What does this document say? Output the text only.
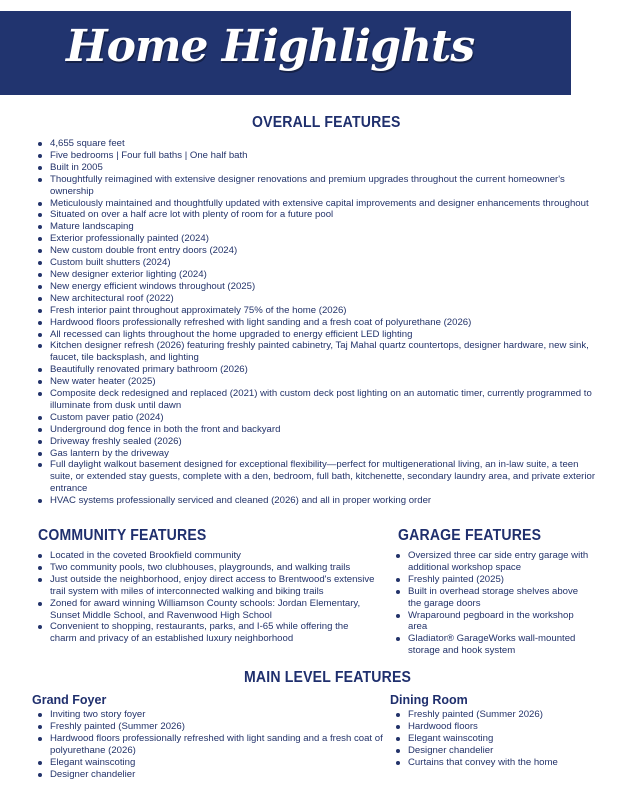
Home Highlights
OVERALL FEATURES
4,655 square feet
Five bedrooms | Four full baths | One half bath
Built in 2005
Thoughtfully reimagined with extensive designer renovations and premium upgrades throughout the current homeowner's ownership
Meticulously maintained and thoughtfully updated with extensive capital improvements and designer enhancements throughout
Situated on over a half acre lot with plenty of room for a future pool
Mature landscaping
Exterior professionally painted (2024)
New custom double front entry doors (2024)
Custom built shutters (2024)
New designer exterior lighting (2024)
New energy efficient windows throughout (2025)
New architectural roof (2022)
Fresh interior paint throughout approximately 75% of the home (2026)
Hardwood floors professionally refreshed with light sanding and a fresh coat of polyurethane (2026)
All recessed can lights throughout the home upgraded to energy efficient LED lighting
Kitchen designer refresh (2026) featuring freshly painted cabinetry, Taj Mahal quartz countertops, designer hardware, new sink, faucet, tile backsplash, and lighting
Beautifully renovated primary bathroom (2026)
New water heater (2025)
Composite deck redesigned and replaced (2021) with custom deck post lighting on an automatic timer, currently programmed to illuminate from dusk until dawn
Custom paver patio (2024)
Underground dog fence in both the front and backyard
Driveway freshly sealed (2026)
Gas lantern by the driveway
Full daylight walkout basement designed for exceptional flexibility—perfect for multigenerational living, an in-law suite, a teen suite, or extended stay guests, complete with a den, bedroom, full bath, kitchenette, secondary laundry area, and private exterior entrance
HVAC systems professionally serviced and cleaned (2026) and all in proper working order
COMMUNITY FEATURES
Located in the coveted Brookfield community
Two community pools, two clubhouses, playgrounds, and walking trails
Just outside the neighborhood, enjoy direct access to Brentwood's extensive trail system with miles of interconnected walking and biking trails
Zoned for award winning Williamson County schools: Jordan Elementary, Sunset Middle School, and Ravenwood High School
Convenient to shopping, restaurants, parks, and I-65 while offering the charm and privacy of an established luxury neighborhood
GARAGE FEATURES
Oversized three car side entry garage with additional workshop space
Freshly painted (2025)
Built in overhead storage shelves above the garage doors
Wraparound pegboard in the workshop area
Gladiator® GarageWorks wall-mounted storage and hook system
MAIN LEVEL FEATURES
Grand Foyer
Inviting two story foyer
Freshly painted (Summer 2026)
Hardwood floors professionally refreshed with light sanding and a fresh coat of polyurethane (2026)
Elegant wainscoting
Designer chandelier
Dining Room
Freshly painted (Summer 2026)
Hardwood floors
Elegant wainscoting
Designer chandelier
Curtains that convey with the home
